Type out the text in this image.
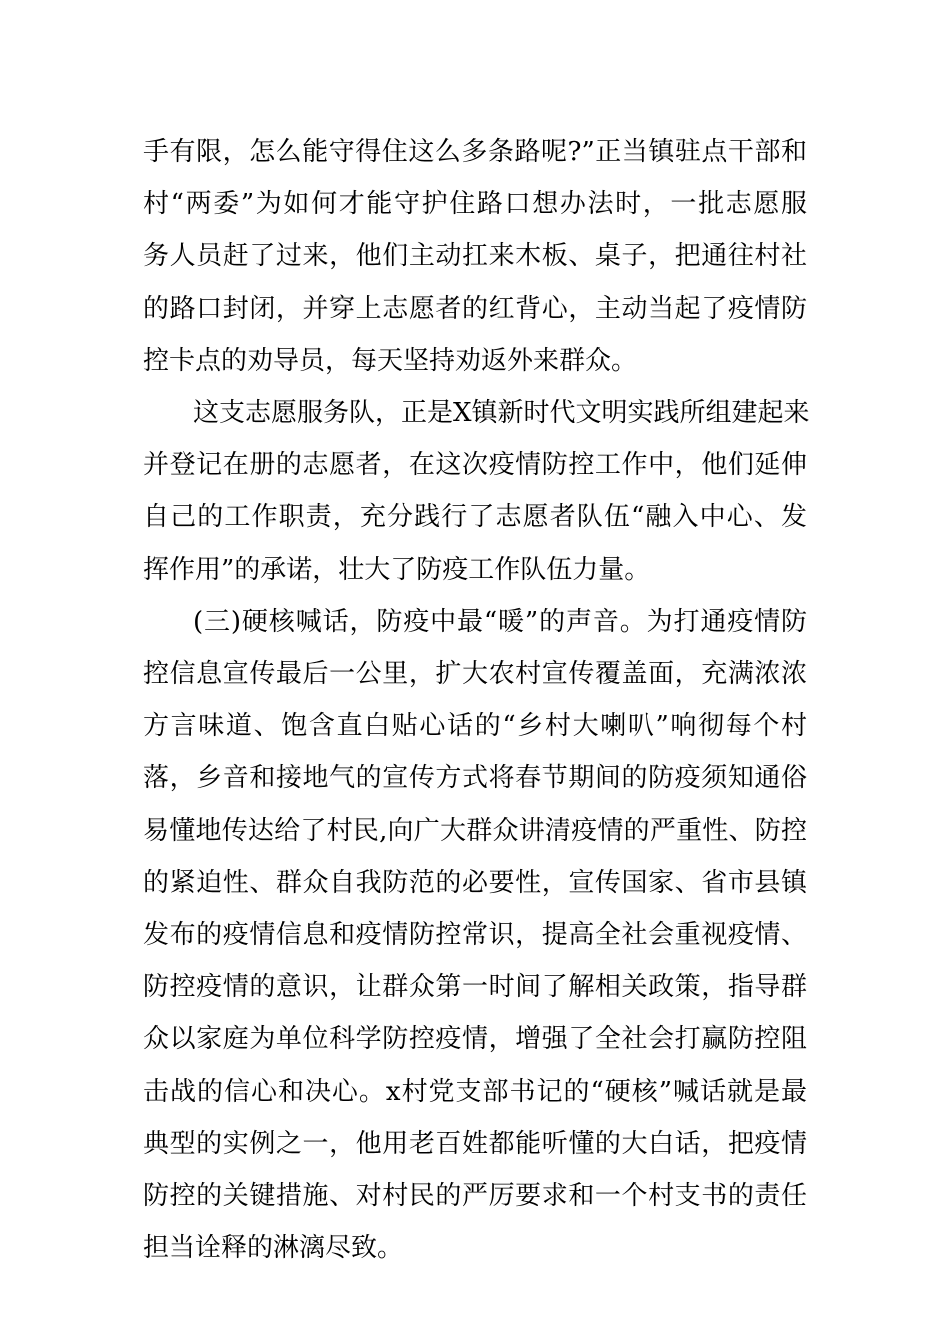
手有限，怎么能守得住这么多条路呢?”正当镇驻点干部和
村“两委”为如何才能守护住路口想办法时，一批志愿服
务人员赶了过来，他们主动扛来木板、桌子，把通往村社
的路口封闭，并穿上志愿者的红背心，主动当起了疫情防
控卡点的劝导员，每天坚持劝返外来群众。

这支志愿服务队，正是X镇新时代文明实践所组建起来
并登记在册的志愿者，在这次疫情防控工作中，他们延伸
自己的工作职责，充分践行了志愿者队伍“融入中心、发
挥作用”的承诺，壮大了防疫工作队伍力量。

(三)硬核喊话，防疫中最“暖”的声音。为打通疫情防
控信息宣传最后一公里，扩大农村宣传覆盖面，充满浓浓
方言味道、饱含直白贴心话的“乡村大喇叭”响彻每个村
落，乡音和接地气的宣传方式将春节期间的防疫须知通俗
易懂地传达给了村民,向广大群众讲清疫情的严重性、防控
的紧迫性、群众自我防范的必要性，宣传国家、省市县镇
发布的疫情信息和疫情防控常识，提高全社会重视疫情、
防控疫情的意识，让群众第一时间了解相关政策，指导群
众以家庭为单位科学防控疫情，增强了全社会打赢防控阻
击战的信心和决心。x村党支部书记的“硬核”喊话就是最
典型的实例之一，他用老百姓都能听懂的大白话，把疫情
防控的关键措施、对村民的严厉要求和一个村支书的责任
担当诠释的淋漓尽致。
